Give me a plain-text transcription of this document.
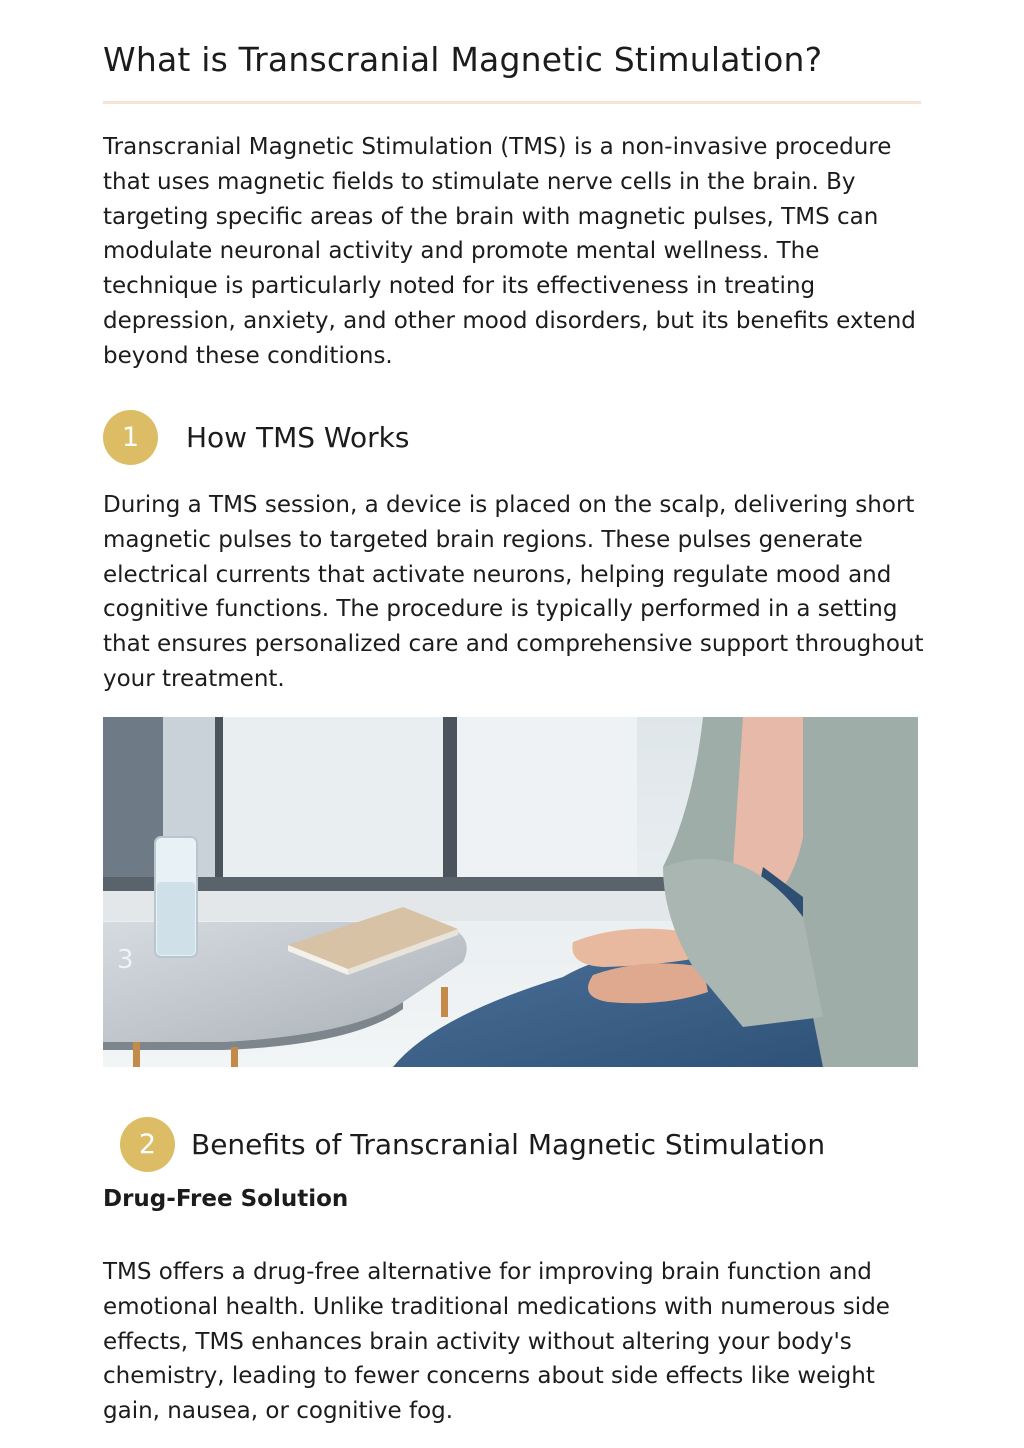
What is Transcranial Magnetic Stimulation?

Transcranial Magnetic Stimulation (TMS) is a non-invasive procedure that uses magnetic fields to stimulate nerve cells in the brain. By targeting specific areas of the brain with magnetic pulses, TMS can modulate neuronal activity and promote mental wellness. The technique is particularly noted for its effectiveness in treating depression, anxiety, and other mood disorders, but its benefits extend beyond these conditions.

1	How TMS Works

During a TMS session, a device is placed on the scalp, delivering short magnetic pulses to targeted brain regions. These pulses generate electrical currents that activate neurons, helping regulate mood and cognitive functions. The procedure is typically performed in a setting that ensures personalized care and comprehensive support throughout your treatment.

3
2	Benefits of Transcranial Magnetic Stimulation
Drug-Free Solution

TMS offers a drug-free alternative for improving brain function and emotional health. Unlike traditional medications with numerous side effects, TMS enhances brain activity without altering your body's chemistry, leading to fewer concerns about side effects like weight gain, nausea, or cognitive fog.
